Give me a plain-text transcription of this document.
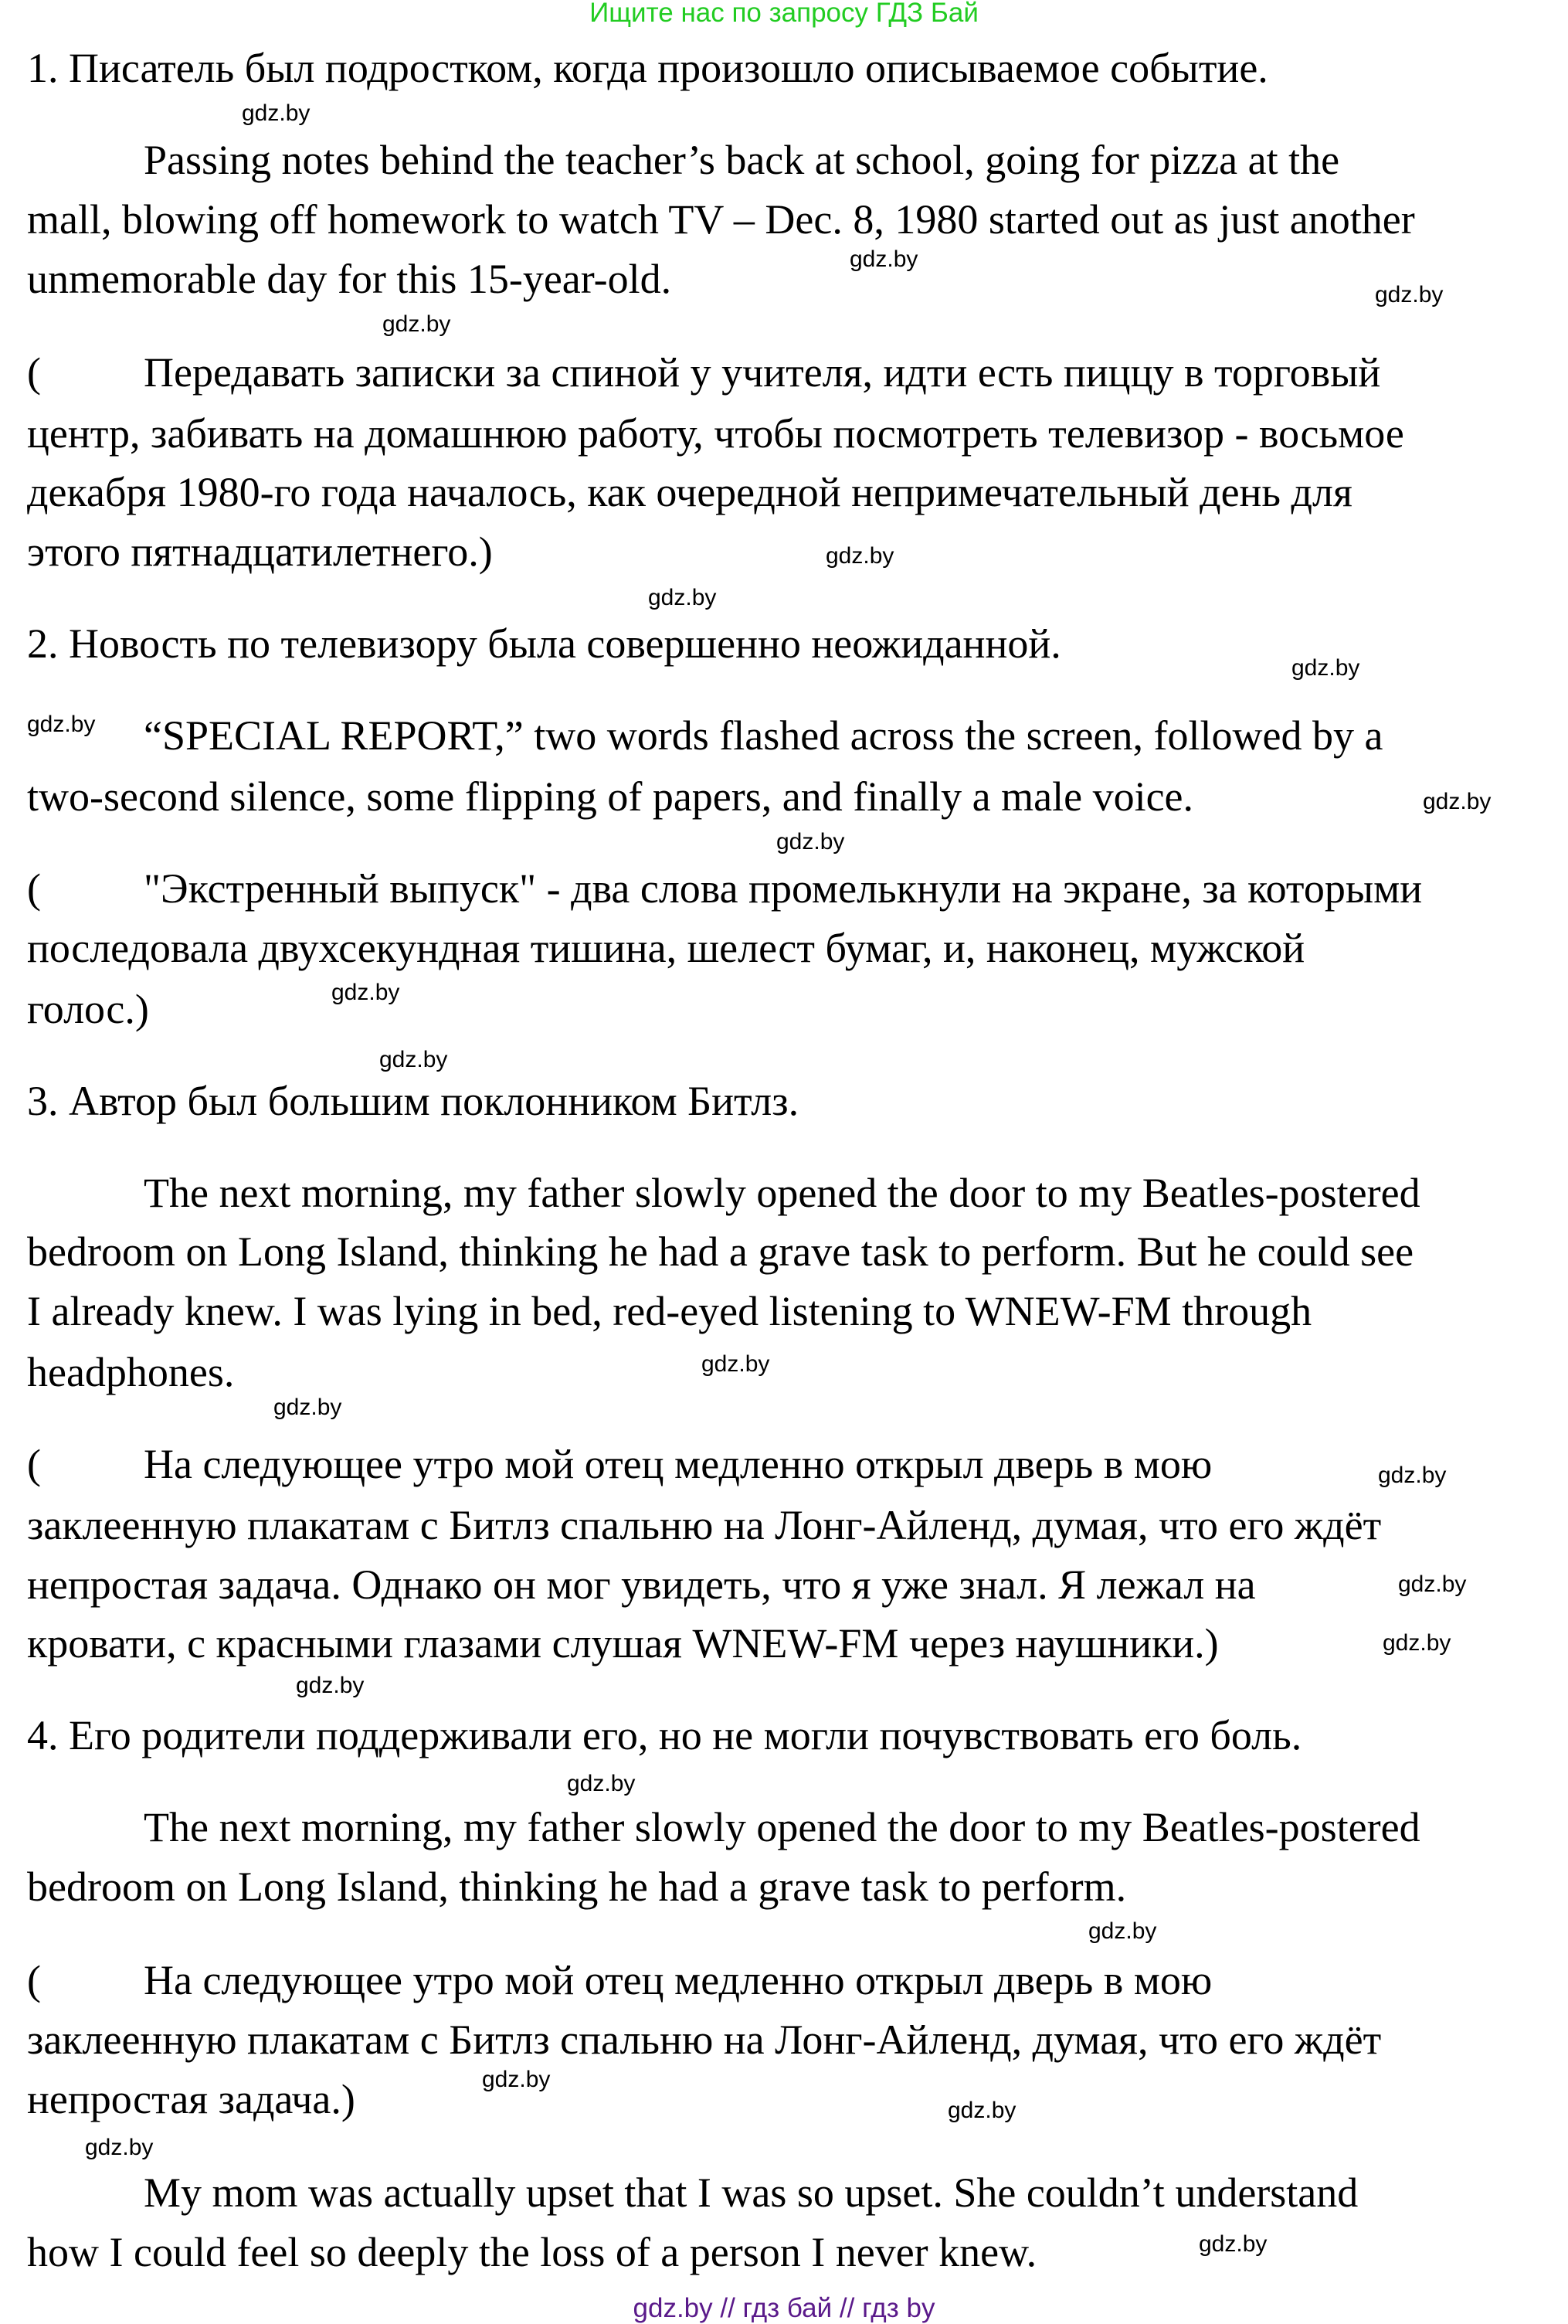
Ищите нас по запросу ГДЗ Бай
1. Писатель был подростком, когда произошло описываемое событие.
Passing notes behind the teacher’s back at school, going for pizza at the
mall, blowing off homework to watch TV – Dec. 8, 1980 started out as just another
unmemorable day for this 15-year-old.
( Передавать записки за спиной у учителя, идти есть пиццу в торговый
центр, забивать на домашнюю работу, чтобы посмотреть телевизор - восьмое
декабря 1980-го года началось, как очередной непримечательный день для
этого пятнадцатилетнего.)
2. Новость по телевизору была совершенно неожиданной.
“SPECIAL REPORT,” two words flashed across the screen, followed by a
two-second silence, some flipping of papers, and finally a male voice.
( "Экстренный выпуск" - два слова промелькнули на экране, за которыми
последовала двухсекундная тишина, шелест бумаг, и, наконец, мужской
голос.)
3. Автор был большим поклонником Битлз.
The next morning, my father slowly opened the door to my Beatles-postered
bedroom on Long Island, thinking he had a grave task to perform. But he could see
I already knew. I was lying in bed, red-eyed listening to WNEW-FM through
headphones.
( На следующее утро мой отец медленно открыл дверь в мою
заклеенную плакатам с Битлз спальню на Лонг-Айленд, думая, что его ждёт
непростая задача. Однако он мог увидеть, что я уже знал. Я лежал на
кровати, с красными глазами слушая WNEW-FM через наушники.)
4. Его родители поддерживали его, но не могли почувствовать его боль.
The next morning, my father slowly opened the door to my Beatles-postered
bedroom on Long Island, thinking he had a grave task to perform.
( На следующее утро мой отец медленно открыл дверь в мою
заклеенную плакатам с Битлз спальню на Лонг-Айленд, думая, что его ждёт
непростая задача.)
My mom was actually upset that I was so upset. She couldn’t understand
how I could feel so deeply the loss of a person I never knew.
gdz.by
gdz.by
gdz.by
gdz.by
gdz.by
gdz.by
gdz.by
gdz.by
gdz.by
gdz.by
gdz.by
gdz.by
gdz.by
gdz.by
gdz.by
gdz.by
gdz.by
gdz.by
gdz.by
gdz.by
gdz.by
gdz.by
gdz.by
gdz.by
gdz.by // гдз бай // гдз by
